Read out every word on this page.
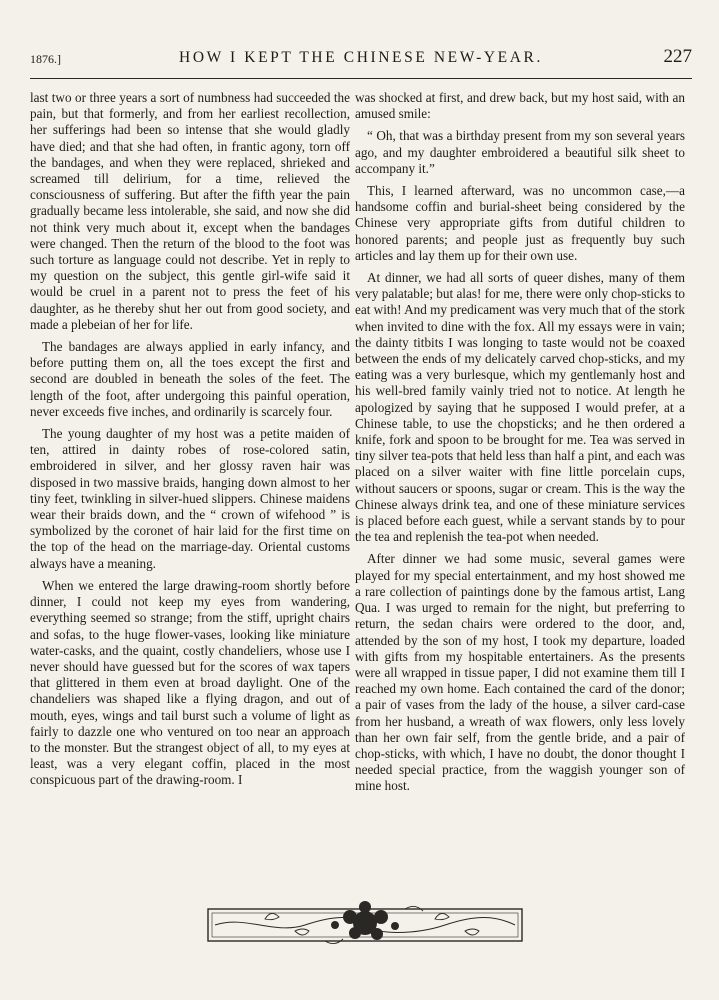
1876.]	HOW I KEPT THE CHINESE NEW-YEAR.	227

last two or three years a sort of numbness had succeeded the pain, but that formerly, and from her earliest recollection, her sufferings had been so intense that she would gladly have died; and that she had often, in frantic agony, torn off the bandages, and when they were replaced, shrieked and screamed till delirium, for a time, relieved the consciousness of suffering. But after the fifth year the pain gradually became less intolerable, she said, and now she did not think very much about it, except when the bandages were changed. Then the return of the blood to the foot was such torture as language could not describe. Yet in reply to my question on the subject, this gentle girl-wife said it would be cruel in a parent not to press the feet of his daughter, as he thereby shut her out from good society, and made a plebeian of her for life.

The bandages are always applied in early infancy, and before putting them on, all the toes except the first and second are doubled in beneath the soles of the feet. The length of the foot, after undergoing this painful operation, never exceeds five inches, and ordinarily is scarcely four.

The young daughter of my host was a petite maiden of ten, attired in dainty robes of rose-colored satin, embroidered in silver, and her glossy raven hair was disposed in two massive braids, hanging down almost to her tiny feet, twinkling in silver-hued slippers. Chinese maidens wear their braids down, and the “ crown of wifehood ” is symbolized by the coronet of hair laid for the first time on the top of the head on the marriage-day. Oriental customs always have a meaning.

When we entered the large drawing-room shortly before dinner, I could not keep my eyes from wandering, everything seemed so strange; from the stiff, upright chairs and sofas, to the huge flower-vases, looking like miniature water-casks, and the quaint, costly chandeliers, whose use I never should have guessed but for the scores of wax tapers that glittered in them even at broad daylight. One of the chandeliers was shaped like a flying dragon, and out of mouth, eyes, wings and tail burst such a volume of light as fairly to dazzle one who ventured on too near an approach to the monster. But the strangest object of all, to my eyes at least, was a very elegant coffin, placed in the most conspicuous part of the drawing-room. I

was shocked at first, and drew back, but my host said, with an amused smile:

“ Oh, that was a birthday present from my son several years ago, and my daughter embroidered a beautiful silk sheet to accompany it.”

This, I learned afterward, was no uncommon case,—a handsome coffin and burial-sheet being considered by the Chinese very appropriate gifts from dutiful children to honored parents; and people just as frequently buy such articles and lay them up for their own use.

At dinner, we had all sorts of queer dishes, many of them very palatable; but alas! for me, there were only chop-sticks to eat with! And my predicament was very much that of the stork when invited to dine with the fox. All my essays were in vain; the dainty titbits I was longing to taste would not be coaxed between the ends of my delicately carved chop-sticks, and my eating was a very burlesque, which my gentlemanly host and his well-bred family vainly tried not to notice. At length he apologized by saying that he supposed I would prefer, at a Chinese table, to use the chopsticks; and he then ordered a knife, fork and spoon to be brought for me. Tea was served in tiny silver tea-pots that held less than half a pint, and each was placed on a silver waiter with fine little porcelain cups, without saucers or spoons, sugar or cream. This is the way the Chinese always drink tea, and one of these miniature services is placed before each guest, while a servant stands by to pour the tea and replenish the tea-pot when needed.

After dinner we had some music, several games were played for my special entertainment, and my host showed me a rare collection of paintings done by the famous artist, Lang Qua. I was urged to remain for the night, but preferring to return, the sedan chairs were ordered to the door, and, attended by the son of my host, I took my departure, loaded with gifts from my hospitable entertainers. As the presents were all wrapped in tissue paper, I did not examine them till I reached my own home. Each contained the card of the donor; a pair of vases from the lady of the house, a silver card-case from her husband, a wreath of wax flowers, only less lovely than her own fair self, from the gentle bride, and a pair of chop-sticks, with which, I have no doubt, the donor thought I needed special practice, from the waggish younger son of mine host.
